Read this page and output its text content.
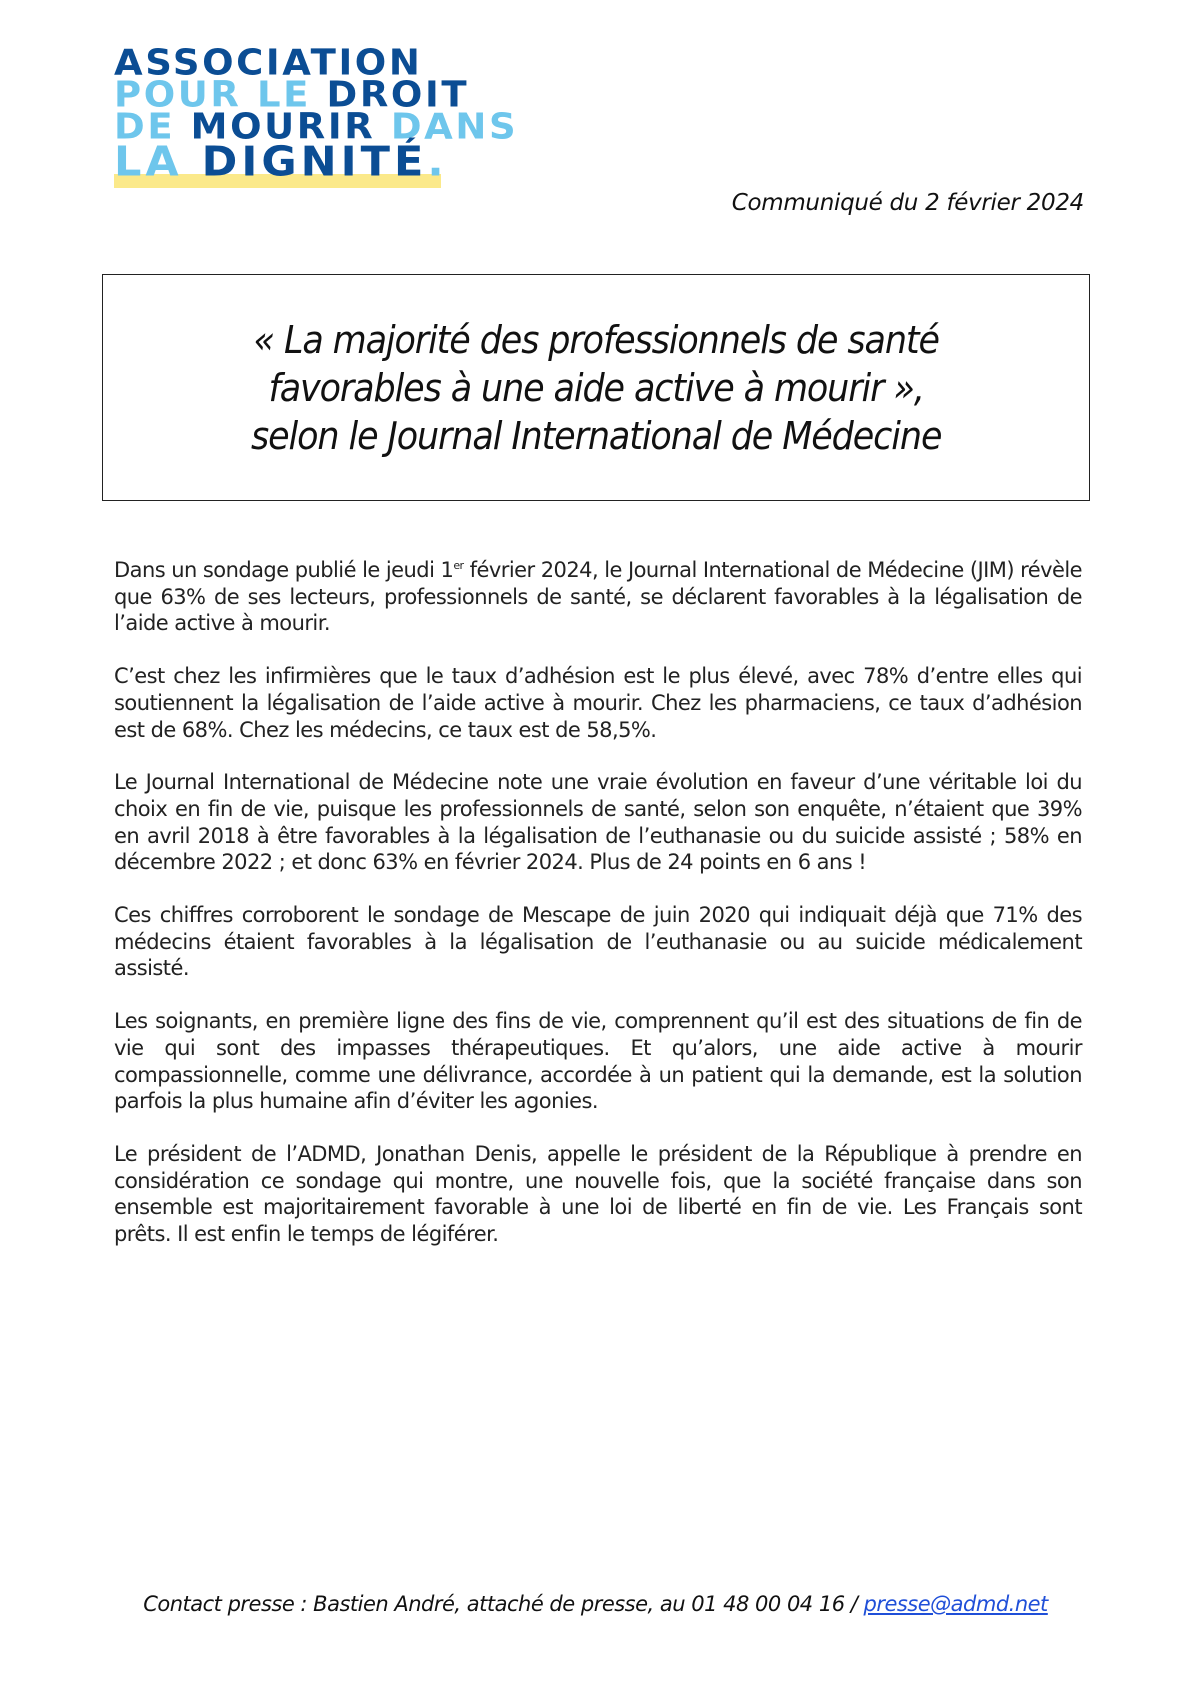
ASSOCIATION
POUR LE DROIT
DE MOURIR DANS
LA DIGNITÉ.
Communiqué du 2 février 2024
« La majorité des professionnels de santé
favorables à une aide active à mourir »,
selon le Journal International de Médecine

Dans un sondage publié le jeudi 1er février 2024, le Journal International de Médecine (JIM) révèle que 63% de ses lecteurs, professionnels de santé, se déclarent favorables à la légalisation de l’aide active à mourir.

C’est chez les infirmières que le taux d’adhésion est le plus élevé, avec 78% d’entre elles qui soutiennent la légalisation de l’aide active à mourir. Chez les pharmaciens, ce taux d’adhésion est de 68%. Chez les médecins, ce taux est de 58,5%.

Le Journal International de Médecine note une vraie évolution en faveur d’une véritable loi du choix en fin de vie, puisque les professionnels de santé, selon son enquête, n’étaient que 39% en avril 2018 à être favorables à la légalisation de l’euthanasie ou du suicide assisté ; 58% en décembre 2022 ; et donc 63% en février 2024. Plus de 24 points en 6 ans !

Ces chiffres corroborent le sondage de Mescape de juin 2020 qui indiquait déjà que 71% des médecins étaient favorables à la légalisation de l’euthanasie ou au suicide médicalement assisté.

Les soignants, en première ligne des fins de vie, comprennent qu’il est des situations de fin de vie qui sont des impasses thérapeutiques. Et qu’alors, une aide active à mourir compassionnelle, comme une délivrance, accordée à un patient qui la demande, est la solution parfois la plus humaine afin d’éviter les agonies.

Le président de l’ADMD, Jonathan Denis, appelle le président de la République à prendre en considération ce sondage qui montre, une nouvelle fois, que la société française dans son ensemble est majoritairement favorable à une loi de liberté en fin de vie. Les Français sont prêts. Il est enfin le temps de légiférer.

Contact presse : Bastien André, attaché de presse, au 01 48 00 04 16 / presse@admd.net
